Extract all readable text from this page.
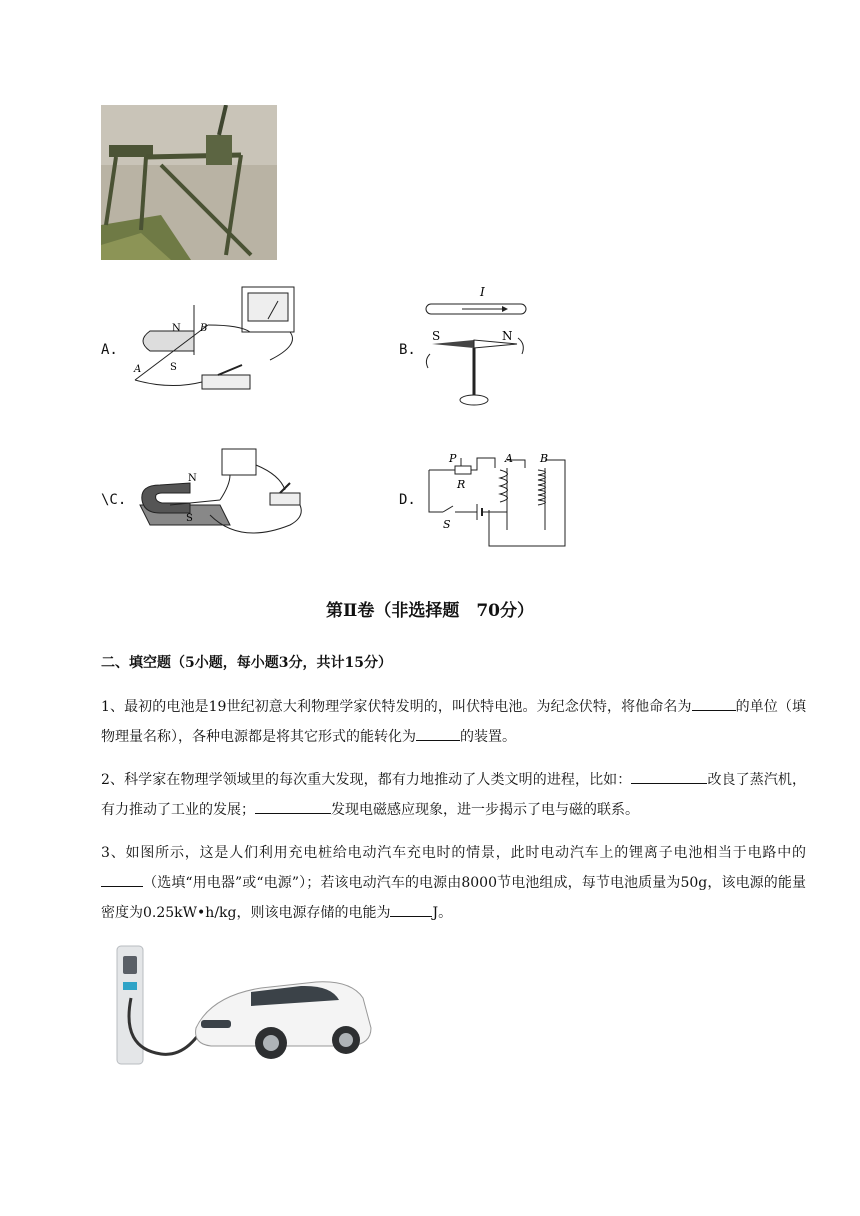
A.
N
S
A
B
B.
I
S	N
\C.
N
S
D.
P
R
S
A B
第Ⅱ卷（非选择题　70分）
二、填空题（5小题，每小题3分，共计15分）
1、最初的电池是19世纪初意大利物理学家伏特发明的，叫伏特电池。为纪念伏特，将他命名为	的单位（填物理量名称），各种电源都是将其它形式的能转化为	的装置。
2、科学家在物理学领域里的每次重大发现，都有力地推动了人类文明的进程，比如：	改良了蒸汽机，有力推动了工业的发展；	发现电磁感应现象，进一步揭示了电与磁的联系。
3、如图所示，这是人们利用充电桩给电动汽车充电时的情景，此时电动汽车上的锂离子电池相当于电路中的（选填“用电器”或“电源”）；若该电动汽车的电源由8000节电池组成，每节电池质量为50g，该电源的能量密度为0.25kW•h/kg，则该电源存储的电能为	J。
